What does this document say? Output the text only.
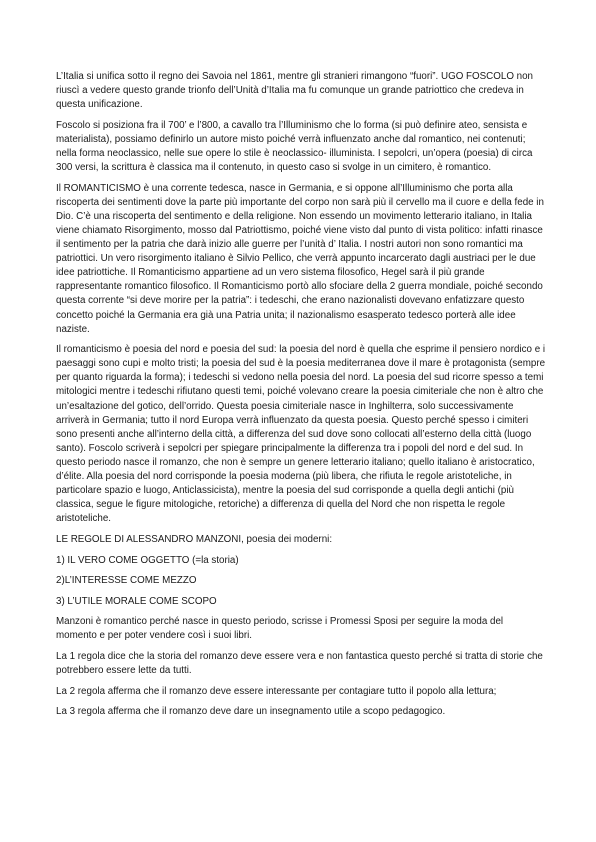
L’Italia si unifica sotto il regno dei Savoia nel 1861, mentre gli stranieri rimangono “fuori”. UGO FOSCOLO non riuscì a vedere questo grande trionfo dell’Unità d’Italia ma fu comunque un grande patriottico che credeva in questa unificazione.

Foscolo si posiziona fra il 700’ e l’800, a cavallo tra l’Illuminismo che lo forma (si può definire ateo, sensista e materialista), possiamo definirlo un autore misto poiché verrà influenzato anche dal romantico, nei contenuti; nella forma neoclassico, nelle sue opere lo stile è neoclassico- illuminista. I sepolcri, un’opera (poesia) di circa 300 versi, la scrittura è classica ma il contenuto, in questo caso si svolge in un cimitero, è romantico.

Il ROMANTICISMO è una corrente tedesca, nasce in Germania, e si oppone all’Illuminismo che porta alla riscoperta dei sentimenti dove la parte più importante del corpo non sarà più il cervello ma il cuore e della fede in Dio. C’è una riscoperta del sentimento e della religione. Non essendo un movimento letterario italiano, in Italia viene chiamato Risorgimento, mosso dal Patriottismo, poiché viene visto dal punto di vista politico: infatti rinasce il sentimento per la patria che darà inizio alle guerre per l’unità d’ Italia. I nostri autori non sono romantici ma patriottici. Un vero risorgimento italiano è Silvio Pellico, che verrà appunto incarcerato dagli austriaci per le due idee patriottiche. Il Romanticismo appartiene ad un vero sistema filosofico, Hegel sarà il più grande rappresentante romantico filosofico. Il Romanticismo portò allo sfociare della 2 guerra mondiale, poiché secondo questa corrente “si deve morire per la patria”: i tedeschi, che erano nazionalisti dovevano enfatizzare questo concetto poiché la Germania era già una Patria unita; il nazionalismo esasperato tedesco porterà alle idee naziste.

Il romanticismo è poesia del nord e poesia del sud: la poesia del nord è quella che esprime il pensiero nordico e i paesaggi sono cupi e molto tristi; la poesia del sud è la poesia mediterranea dove il mare è protagonista (sempre per quanto riguarda la forma); i tedeschi si vedono nella poesia del nord. La poesia del sud ricorre spesso a temi mitologici mentre i tedeschi rifiutano questi temi, poiché volevano creare la poesia cimiteriale che non è altro che un’esaltazione del gotico, dell’orrido. Questa poesia cimiteriale nasce in Inghilterra, solo successivamente arriverà in Germania; tutto il nord Europa verrà influenzato da questa poesia. Questo perché spesso i cimiteri sono presenti anche all’interno della città, a differenza del sud dove sono collocati all’esterno della città (luogo santo). Foscolo scriverà i sepolcri per spiegare principalmente la differenza tra i popoli del nord e del sud. In questo periodo nasce il romanzo, che non è sempre un genere letterario italiano; quello italiano è aristocratico, d’élite. Alla poesia del nord corrisponde la poesia moderna (più libera, che rifiuta le regole aristoteliche, in particolare spazio e luogo, Anticlassicista), mentre la poesia del sud corrisponde a quella degli antichi (più classica, segue le figure mitologiche, retoriche) a differenza di quella del Nord che non rispetta le regole aristoteliche.

LE REGOLE DI ALESSANDRO MANZONI, poesia dei moderni:

1) IL VERO COME OGGETTO (=la storia)

2)L’INTERESSE COME MEZZO

3) L’UTILE MORALE COME SCOPO

Manzoni è romantico perché nasce in questo periodo, scrisse i Promessi Sposi per seguire la moda del momento e per poter vendere così i suoi libri.

La 1 regola dice che la storia del romanzo deve essere vera e non fantastica questo perché si tratta di storie che potrebbero essere lette da tutti.

La 2 regola afferma che il romanzo deve essere interessante per contagiare tutto il popolo alla lettura;

La 3 regola afferma che il romanzo deve dare un insegnamento utile a scopo pedagogico.
